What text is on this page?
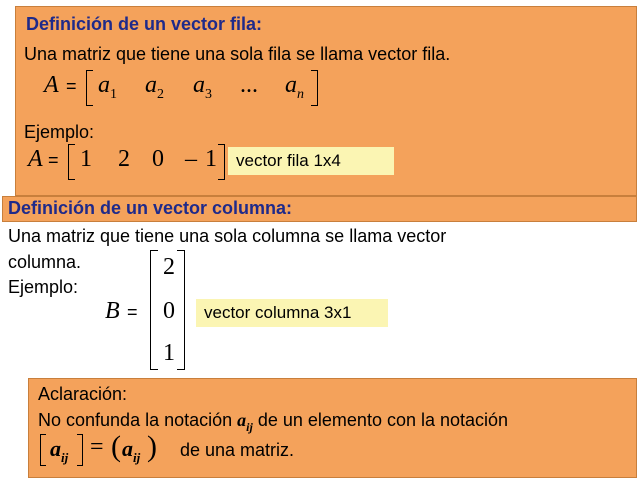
Definición de un vector fila:
Una matriz que tiene una sola fila se llama vector fila.
$A = a_1$ $a_2$ $a_3$ ... $a_n$
Ejemplo:
A = 1 2 0 – 1	vector fila 1x4
Definición de un vector columna:
Una matriz que tiene una sola columna se llama vector
columna.
Ejemplo:
B =
2
0
1
vector columna 3x1
Aclaración:
No confunda la notación $a_{ij}$ de un elemento con la notación
$a_{ij}$ = ( $a_{ij}$ ) de una matriz.
